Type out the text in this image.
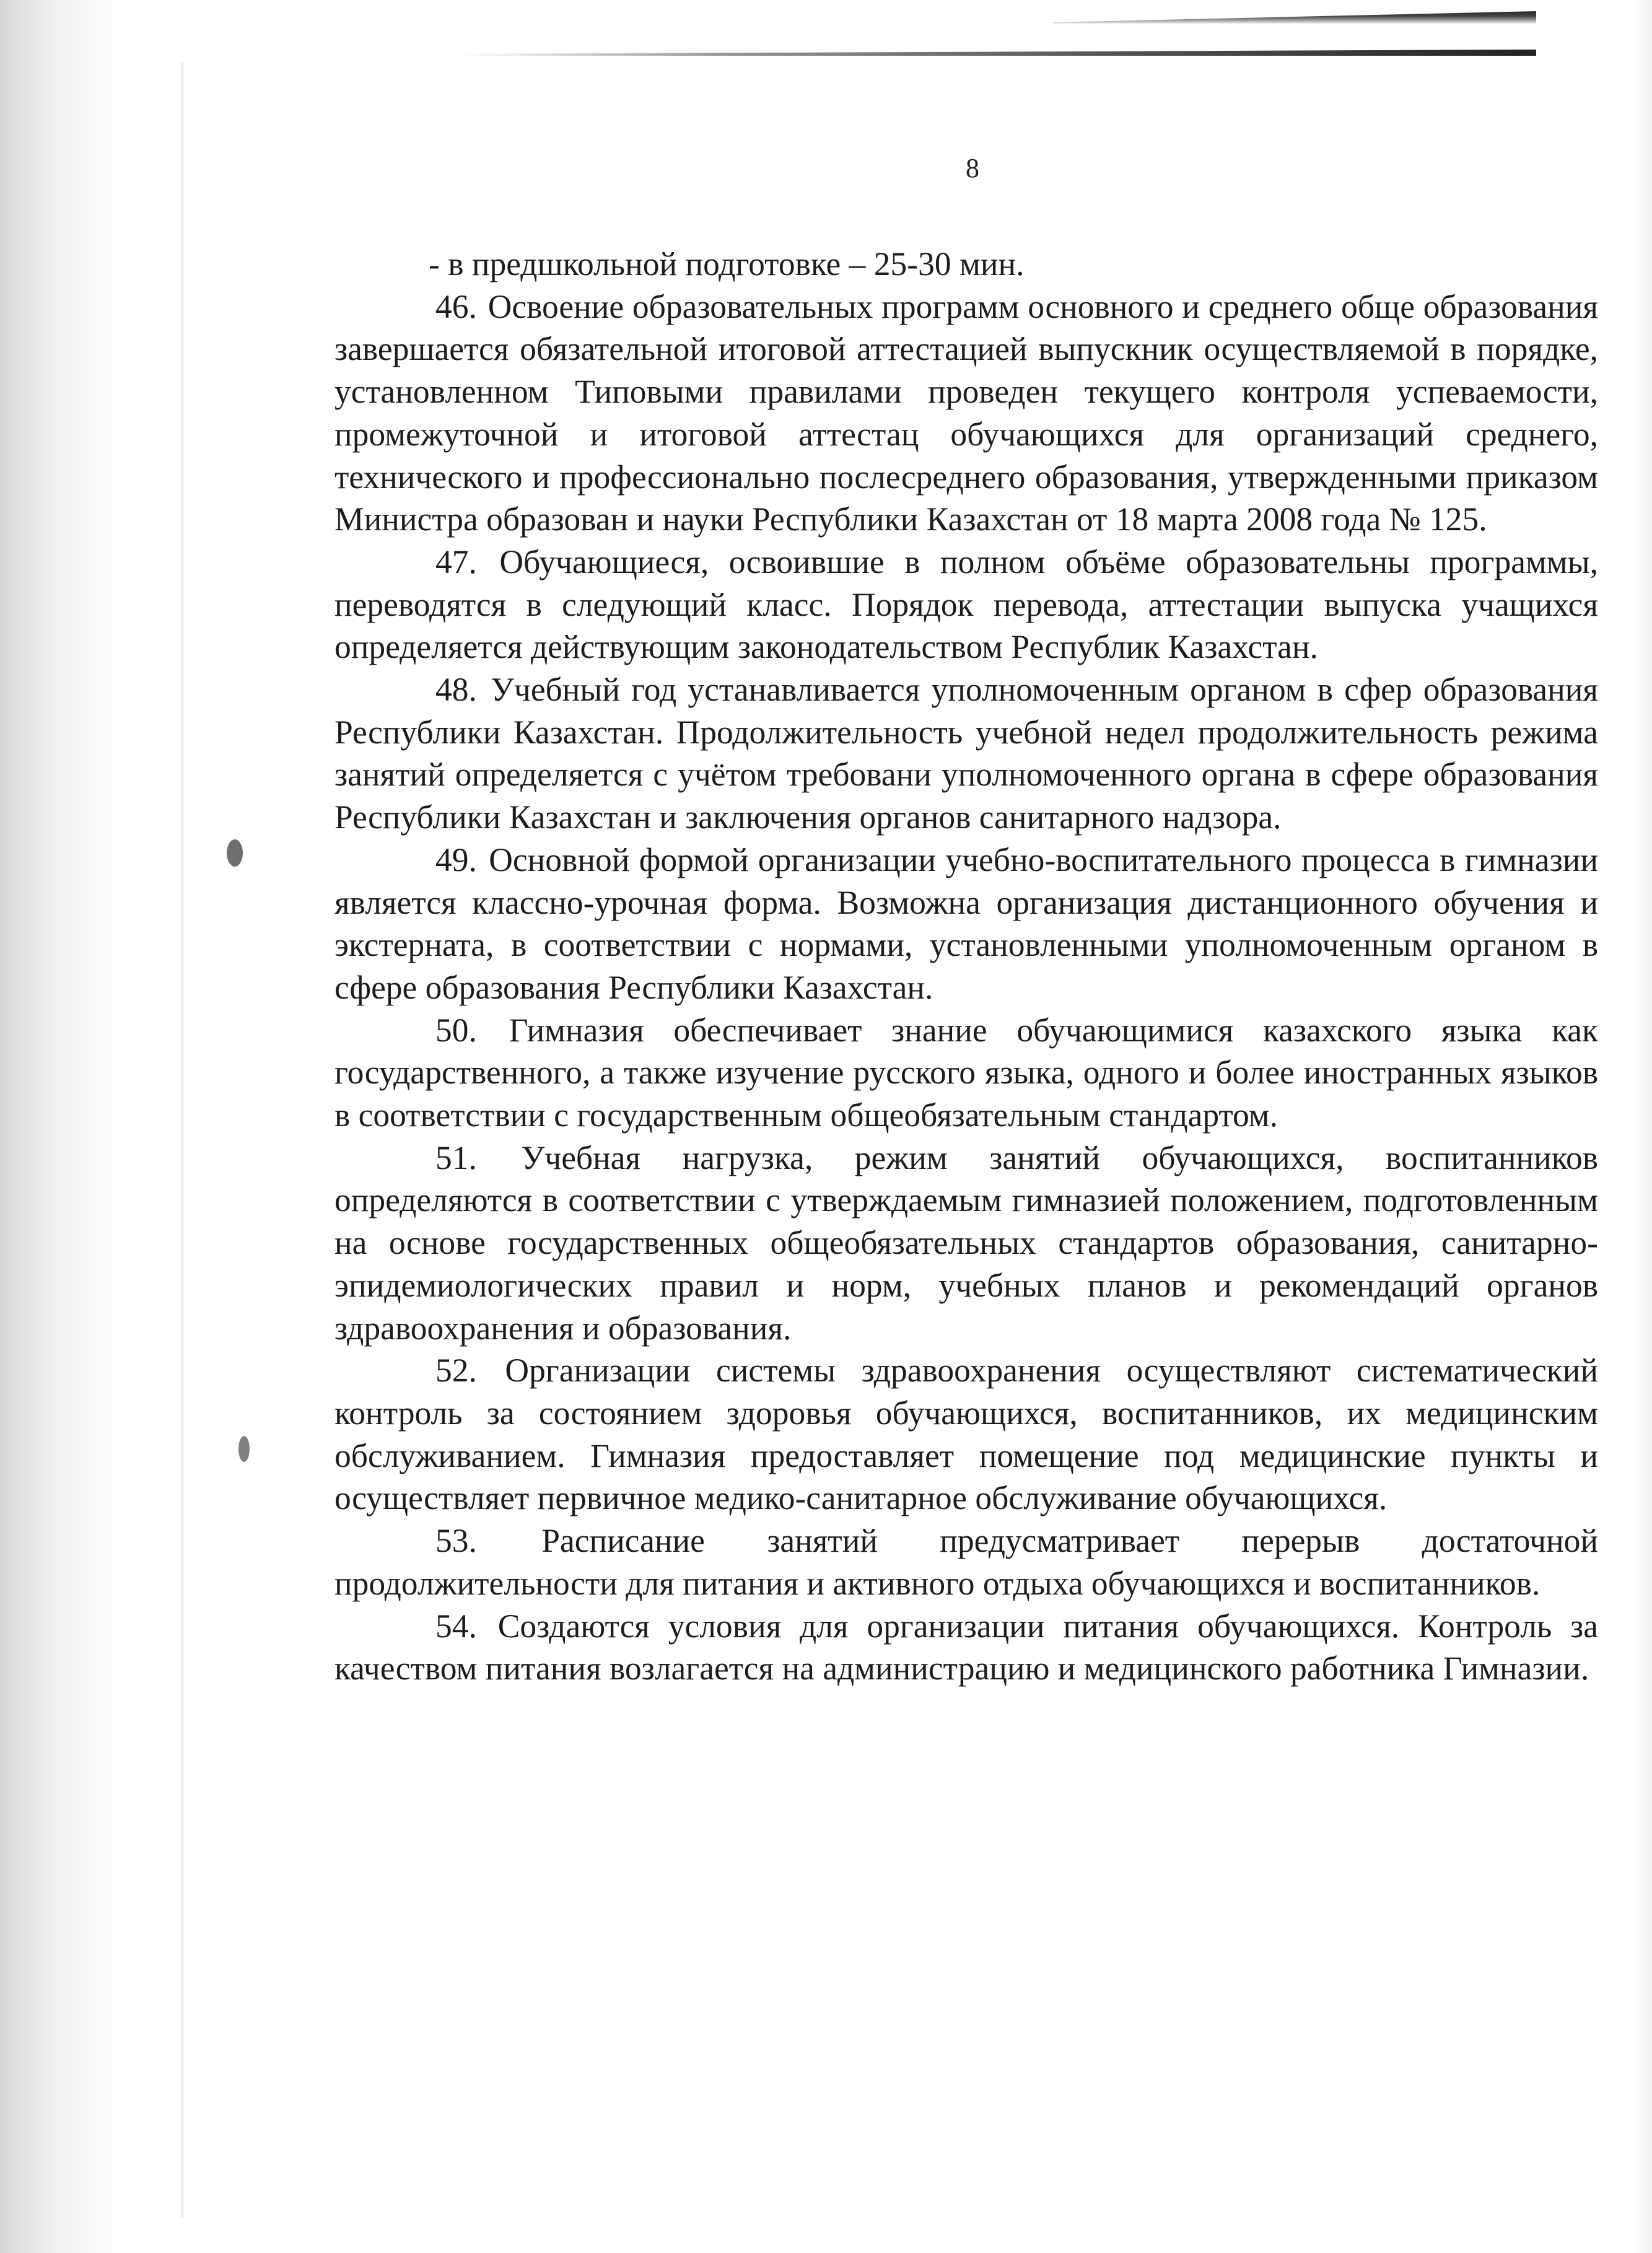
8

- в предшкольной подготовке – 25-30 мин.

46. Освоение образовательных программ основного и среднего обще образования завершается обязательной итоговой аттестацией выпускник осуществляемой в порядке, установленном Типовыми правилами проведен текущего контроля успеваемости, промежуточной и итоговой аттестац обучающихся для организаций среднего, технического и профессионально послесреднего образования, утвержденными приказом Министра образован и науки Республики Казахстан от 18 марта 2008 года № 125.

47. Обучающиеся, освоившие в полном объёме образовательны программы, переводятся в следующий класс. Порядок перевода, аттестации выпуска учащихся определяется действующим законодательством Республик Казахстан.

48. Учебный год устанавливается уполномоченным органом в сфер образования Республики Казахстан. Продолжительность учебной недел продолжительность режима занятий определяется с учётом требовани уполномоченного органа в сфере образования Республики Казахстан и заключения органов санитарного надзора.

49. Основной формой организации учебно-воспитательного процесса в гимназии является классно-урочная форма. Возможна организация дистанционного обучения и экстерната, в соответствии с нормами, установленными уполномоченным органом в сфере образования Республики Казахстан.

50. Гимназия обеспечивает знание обучающимися казахского языка как государственного, а также изучение русского языка, одного и более иностранных языков в соответствии с государственным общеобязательным стандартом.

51. Учебная нагрузка, режим занятий обучающихся, воспитанников определяются в соответствии с утверждаемым гимназией положением, подготовленным на основе государственных общеобязательных стандартов образования, санитарно-эпидемиологических правил и норм, учебных планов и рекомендаций органов здравоохранения и образования.

52. Организации системы здравоохранения осуществляют систематический контроль за состоянием здоровья обучающихся, воспитанников, их медицинским обслуживанием. Гимназия предоставляет помещение под медицинские пункты и осуществляет первичное медико-санитарное обслуживание обучающихся.

53. Расписание занятий предусматривает перерыв достаточной продолжительности для питания и активного отдыха обучающихся и воспитанников.

54. Создаются условия для организации питания обучающихся. Контроль за качеством питания возлагается на администрацию и медицинского работника Гимназии.
